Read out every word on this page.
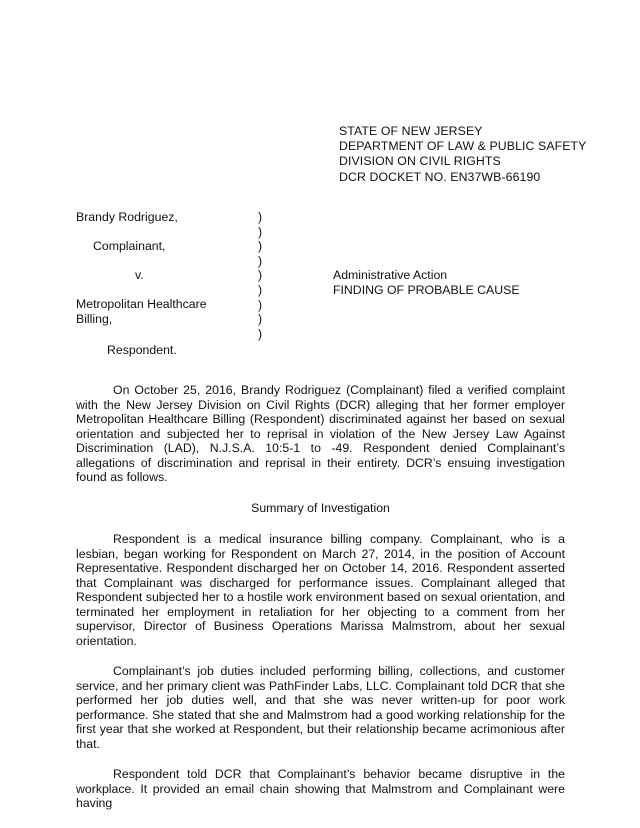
STATE OF NEW JERSEY
DEPARTMENT OF LAW & PUBLIC SAFETY
DIVISION ON CIVIL RIGHTS
DCR DOCKET NO. EN37WB-66190
Brandy Rodriguez,
Complainant,
v.
Metropolitan Healthcare Billing,
Respondent.
)
)
)
)
)
)
)
)
)
Administrative Action
FINDING OF PROBABLE CAUSE

On October 25, 2016, Brandy Rodriguez (Complainant) filed a verified complaint with the New Jersey Division on Civil Rights (DCR) alleging that her former employer Metropolitan Healthcare Billing (Respondent) discriminated against her based on sexual orientation and subjected her to reprisal in violation of the New Jersey Law Against Discrimination (LAD), N.J.S.A. 10:5-1 to -49. Respondent denied Complainant’s allegations of discrimination and reprisal in their entirety. DCR’s ensuing investigation found as follows.

Summary of Investigation

Respondent is a medical insurance billing company. Complainant, who is a lesbian, began working for Respondent on March 27, 2014, in the position of Account Representative. Respondent discharged her on October 14, 2016. Respondent asserted that Complainant was discharged for performance issues. Complainant alleged that Respondent subjected her to a hostile work environment based on sexual orientation, and terminated her employment in retaliation for her objecting to a comment from her supervisor, Director of Business Operations Marissa Malmstrom, about her sexual orientation.

Complainant’s job duties included performing billing, collections, and customer service, and her primary client was PathFinder Labs, LLC. Complainant told DCR that she performed her job duties well, and that she was never written-up for poor work performance. She stated that she and Malmstrom had a good working relationship for the first year that she worked at Respondent, but their relationship became acrimonious after that.

Respondent told DCR that Complainant’s behavior became disruptive in the workplace. It provided an email chain showing that Malmstrom and Complainant were having
